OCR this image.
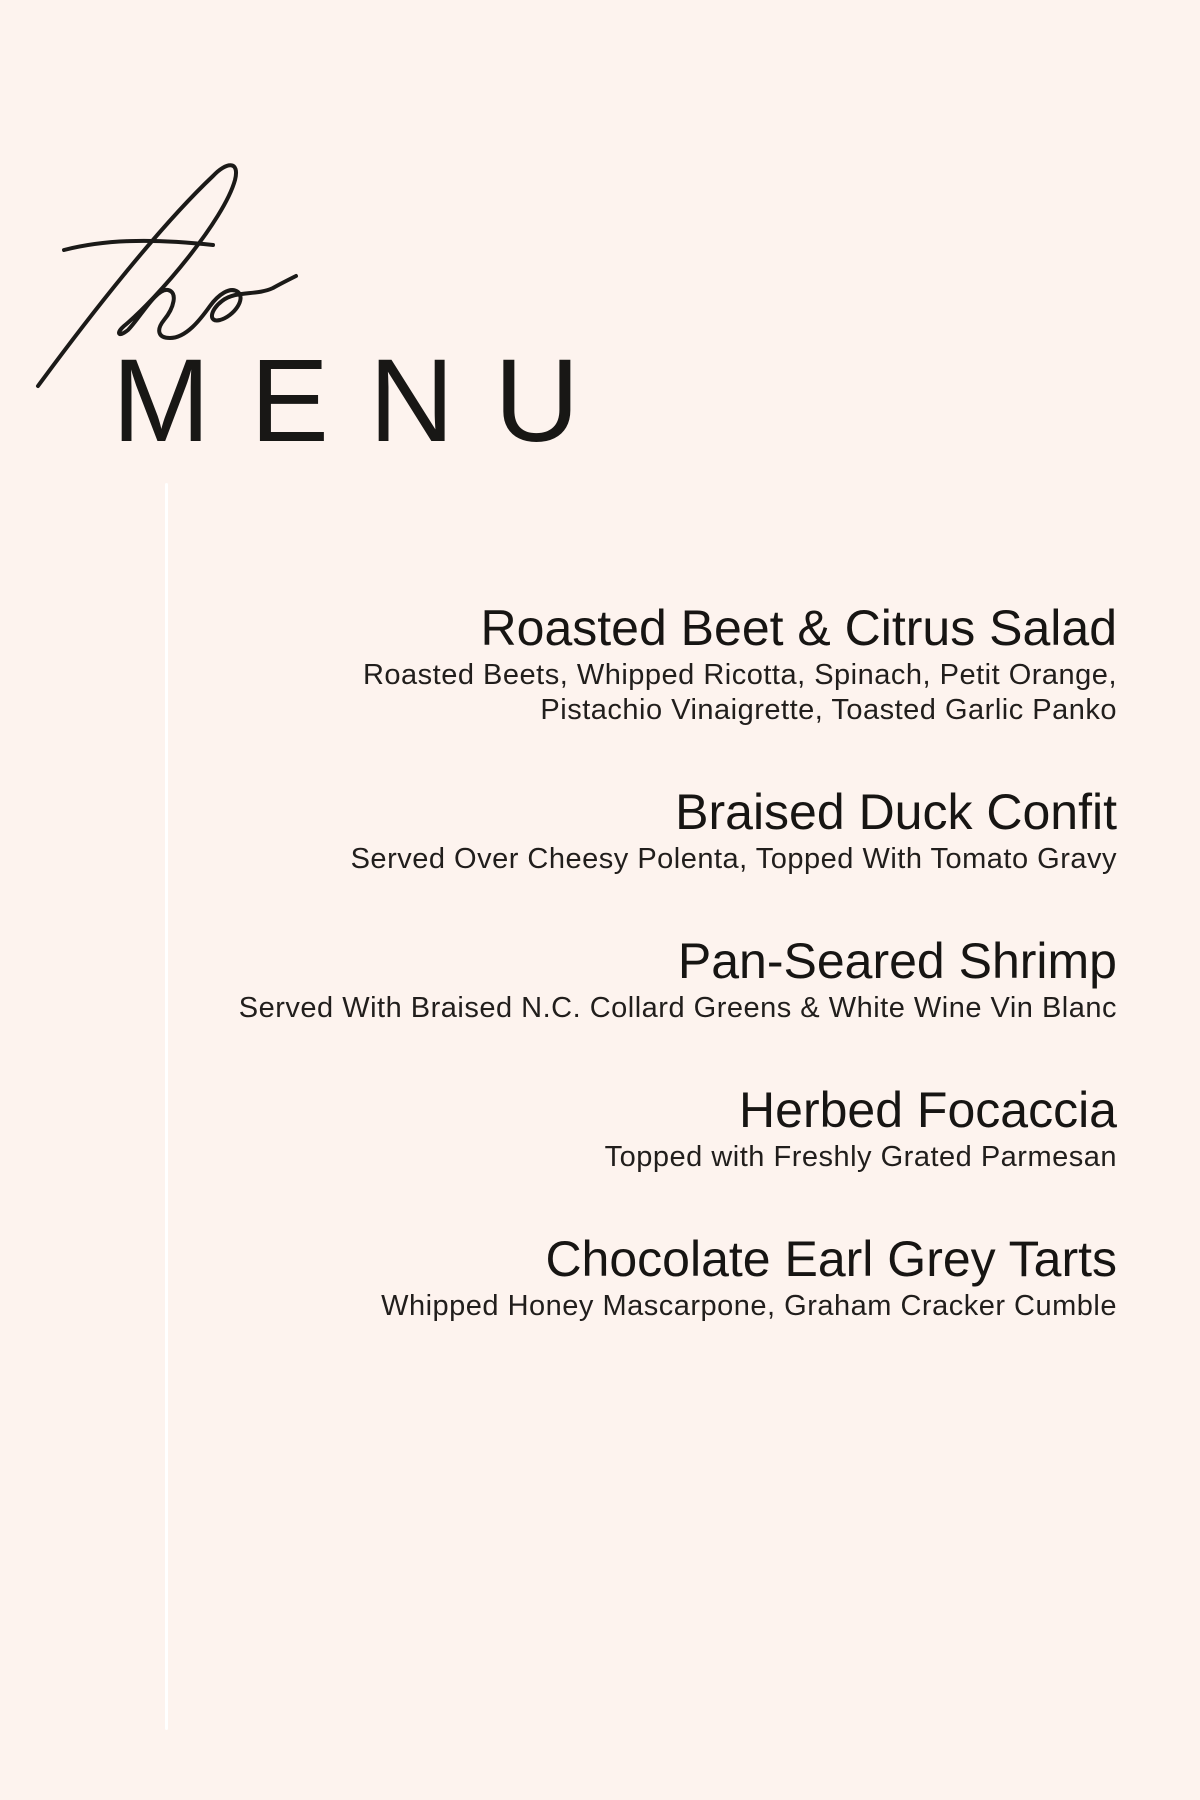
MENU
Roasted Beet & Citrus Salad
Roasted Beets, Whipped Ricotta, Spinach, Petit Orange,
Pistachio Vinaigrette, Toasted Garlic Panko
Braised Duck Confit
Served Over Cheesy Polenta, Topped With Tomato Gravy
Pan-Seared Shrimp
Served With Braised N.C. Collard Greens & White Wine Vin Blanc
Herbed Focaccia
Topped with Freshly Grated Parmesan
Chocolate Earl Grey Tarts
Whipped Honey Mascarpone, Graham Cracker Cumble
